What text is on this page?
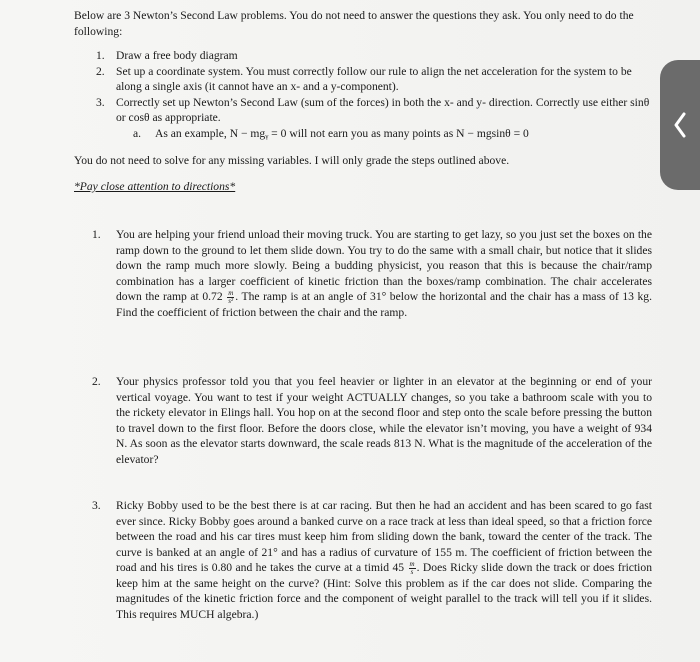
Below are 3 Newton’s Second Law problems. You do not need to answer the questions they ask. You only need to do the following:
1. Draw a free body diagram
2. Set up a coordinate system. You must correctly follow our rule to align the net acceleration for the system to be along a single axis (it cannot have an x- and a y-component).
3. Correctly set up Newton’s Second Law (sum of the forces) in both the x- and y- direction. Correctly use either sinθ or cosθ as appropriate.
a. As an example, N − mgᵧ = 0 will not earn you as many points as N − mgsinθ = 0
You do not need to solve for any missing variables. I will only grade the steps outlined above.
*Pay close attention to directions*
1. You are helping your friend unload their moving truck. You are starting to get lazy, so you just set the boxes on the ramp down to the ground to let them slide down. You try to do the same with a small chair, but notice that it slides down the ramp much more slowly. Being a budding physicist, you reason that this is because the chair/ramp combination has a larger coefficient of kinetic friction than the boxes/ramp combination. The chair accelerates down the ramp at $0.72 \frac{m}{\text{s²}}$ . The ramp is at an angle of 31° below the horizontal and the chair has a mass of 13 kg. Find the coefficient of friction between the chair and the ramp.
2. Your physics professor told you that you feel heavier or lighter in an elevator at the beginning or end of your vertical voyage. You want to test if your weight ACTUALLY changes, so you take a bathroom scale with you to the rickety elevator in Elings hall. You hop on at the second floor and step onto the scale before pressing the button to travel down to the first floor. Before the doors close, while the elevator isn’t moving, you have a weight of 934 N. As soon as the elevator starts downward, the scale reads 813 N. What is the magnitude of the acceleration of the elevator?
3. Ricky Bobby used to be the best there is at car racing. But then he had an accident and has been scared to go fast ever since. Ricky Bobby goes around a banked curve on a race track at less than ideal speed, so that a friction force between the road and his car tires must keep him from sliding down the bank, toward the center of the track. The curve is banked at an angle of 21° and has a radius of curvature of 155 m. The coefficient of friction between the road and his tires is 0.80 and he takes the curve at a timid $45 \frac{m}{s}$ . Does Ricky slide down the track or does friction keep him at the same height on the curve? (Hint: Solve this problem as if the car does not slide. Comparing the magnitudes of the kinetic friction force and the component of weight parallel to the track will tell you if it slides. This requires MUCH algebra.)
